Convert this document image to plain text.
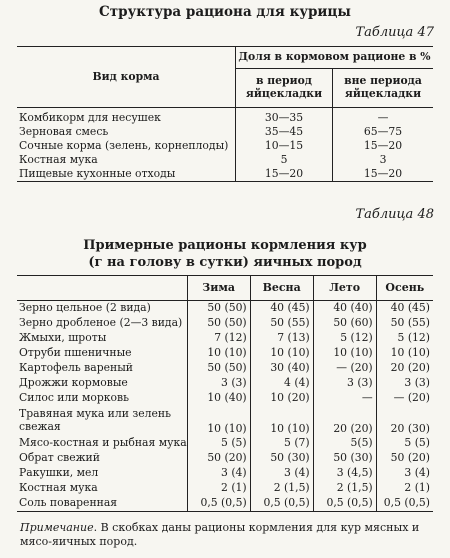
Структура рациона для курицы
Таблица 47
Вид корма	Доля в кормовом рационе в %	
	в период яйцекладки	вне периода яйцекладки
Комбикорм для несушек	30—35	—
Зерновая смесь	35—45	65—75
Сочные корма (зелень, корнеплоды)	10—15	15—20
Костная мука	5	3
Пищевые кухонные отходы	15—20	15—20
Таблица 48
Примерные рационы кормления кур
(г на голову в сутки) яичных пород
	Зима	Весна	Лето	Осень
Зерно цельное (2 вида)	50 (50)	40 (45)	40 (40)	40 (45)
Зерно дробленое (2—3 вида)	50 (50)	50 (55)	50 (60)	50 (55)
Жмыхи, шроты	7 (12)	7 (13)	5 (12)	5 (12)
Отруби пшеничные	10 (10)	10 (10)	10 (10)	10 (10)
Картофель вареный	50 (50)	30 (40)	— (20)	20 (20)
Дрожжи кормовые	3 (3)	4 (4)	3 (3)	3 (3)
Силос или морковь	10 (40)	10 (20)	—	— (20)
Травяная мука или зелень свежая	10 (10)	10 (10)	20 (20)	20 (30)
Мясо-костная и рыбная мука	5 (5)	5 (7)	5(5)	5 (5)
Обрат свежий	50 (20)	50 (30)	50 (30)	50 (20)
Ракушки, мел	3 (4)	3 (4)	3 (4,5)	3 (4)
Костная мука	2 (1)	2 (1,5)	2 (1,5)	2 (1)
Соль поваренная	0,5 (0,5)	0,5 (0,5)	0,5 (0,5)	0,5 (0,5)
Примечание. В скобках даны рационы кормления для кур мясных и мясо-яичных пород.
